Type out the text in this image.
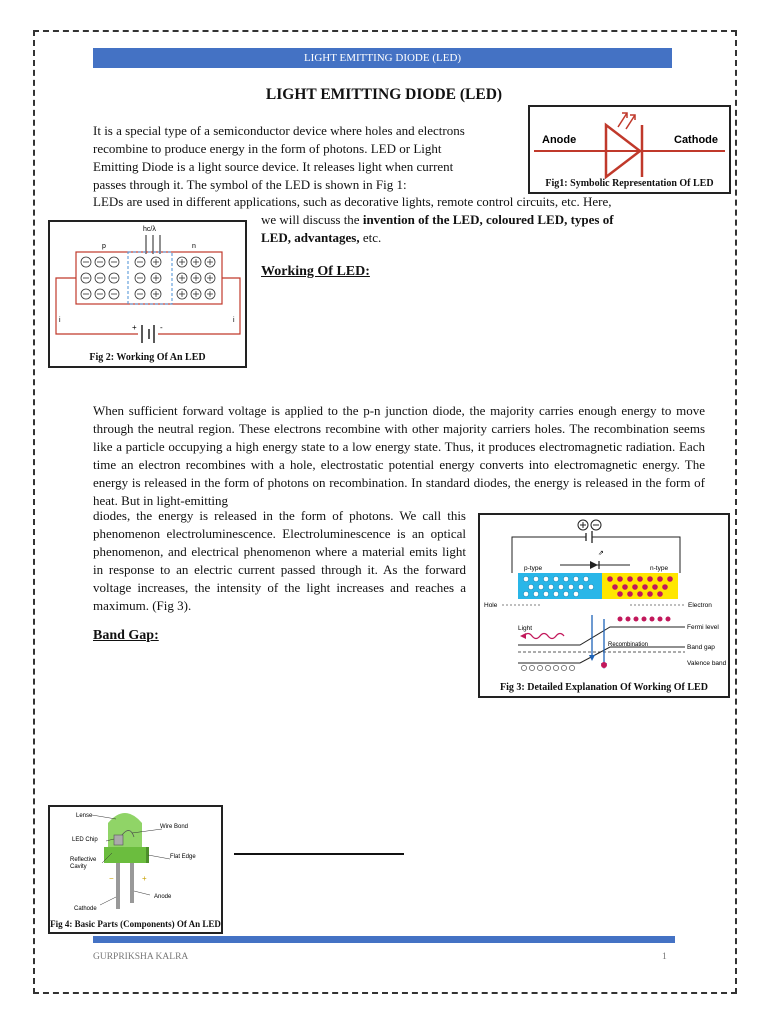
LIGHT EMITTING DIODE (LED)
LIGHT EMITTING DIODE (LED)
It is a special type of a semiconductor device where holes and electrons
recombine to produce energy in the form of photons. LED or Light
Emitting Diode is a light source device. It releases light when current
passes through it. The symbol of the LED is shown in Fig 1:
LEDs are used in different applications, such as decorative lights, remote control circuits, etc. Here,
we will discuss the invention of the LED, coloured LED, types of
LED, advantages, etc.
Working Of LED:
Anode	Cathode
Fig1: Symbolic Representation Of LED
hc/λ
p	n
+	-
i	i
Fig 2: Working Of An LED
When sufficient forward voltage is applied to the p-n junction diode, the majority carries enough energy to move through the neutral region. These electrons recombine with other majority carriers holes. The recombination seems like a particle occupying a high energy state to a low energy state. Thus, it produces electromagnetic radiation. Each time an electron recombines with a hole, electrostatic potential energy converts into electromagnetic energy. The energy is released in the form of photons on recombination. In standard diodes, the energy is released in the form of heat. But in light-emitting
diodes, the energy is released in the form of photons. We call this phenomenon electroluminescence. Electroluminescence is an optical phenomenon, and electrical phenomenon where a material emits light in response to an electric current passed through it. As the forward voltage increases, the intensity of the light increases and reaches a maximum. (Fig 3).
Band Gap:
⇗
p-type	n-type
Hole	Electron
Light
Recombination
Fermi level
Band gap
Valence band
Fig 3: Detailed Explanation Of Working Of LED
−	+
Lense
LED Chip
Wire Bond
Reflective
Cavity
Flat Edge
Anode
Cathode
Fig 4: Basic Parts (Components) Of An LED
GURPRIKSHA KALRA	1
